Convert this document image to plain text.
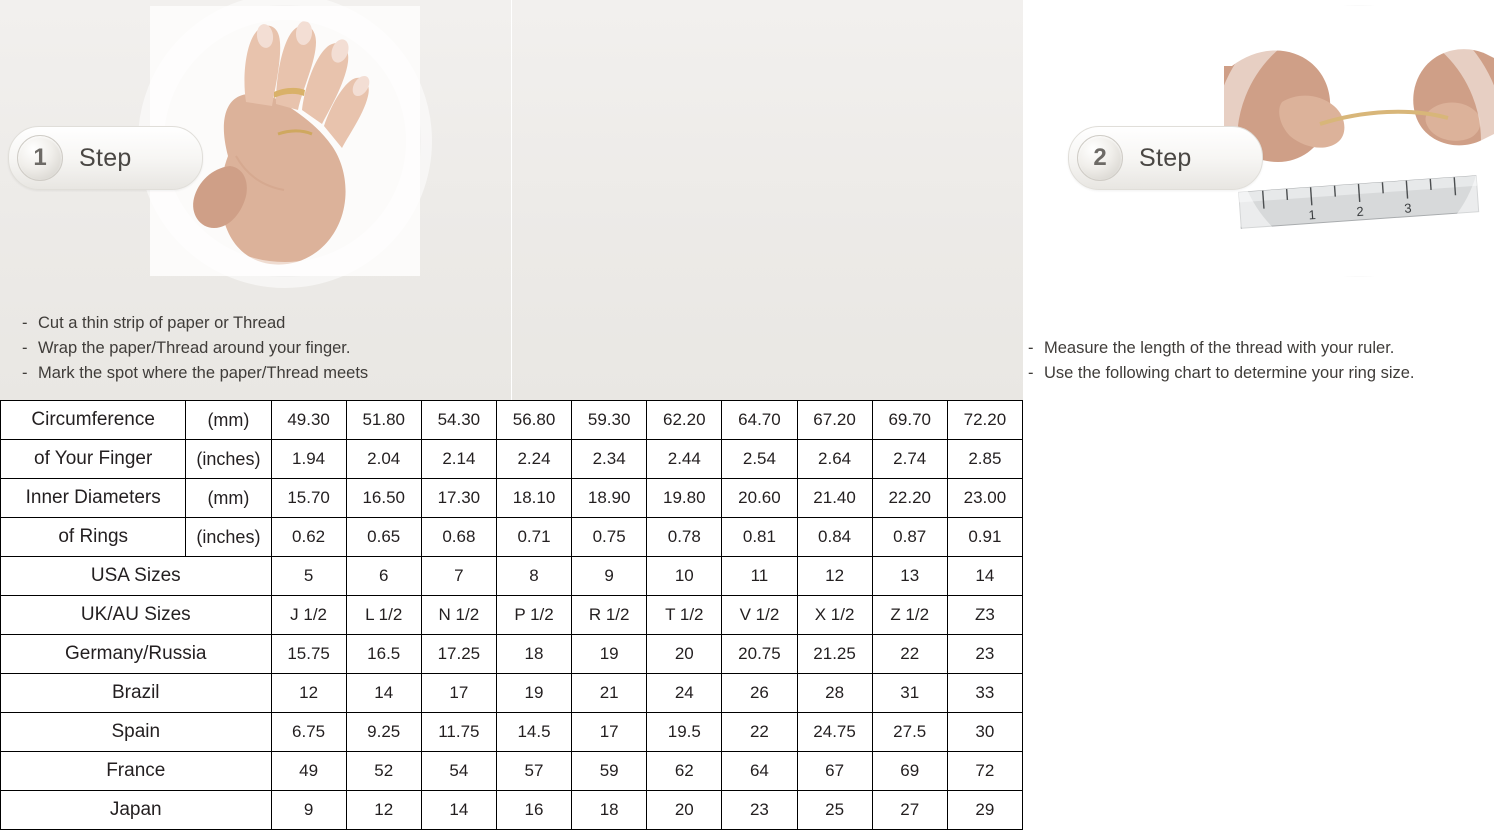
1	Step
- Cut a thin strip of paper or Thread
- Wrap the paper/Thread around your finger.
- Mark the spot where the paper/Thread meets
1	2	3
2	Step
- Measure the length of the thread with your ruler.
- Use the following chart to determine your ring size.
Circumference	(mm)	49.30	51.80	54.30	56.80	59.30	62.20	64.70	67.20	69.70	72.20
of Your Finger	(inches)	1.94	2.04	2.14	2.24	2.34	2.44	2.54	2.64	2.74	2.85
Inner Diameters	(mm)	15.70	16.50	17.30	18.10	18.90	19.80	20.60	21.40	22.20	23.00
of Rings	(inches)	0.62	0.65	0.68	0.71	0.75	0.78	0.81	0.84	0.87	0.91
USA Sizes		5	6	7	8	9	10	11	12	13	14
UK/AU Sizes		J 1/2	L 1/2	N 1/2	P 1/2	R 1/2	T 1/2	V 1/2	X 1/2	Z 1/2	Z3
Germany/Russia		15.75	16.5	17.25	18	19	20	20.75	21.25	22	23
Brazil		12	14	17	19	21	24	26	28	31	33
Spain		6.75	9.25	11.75	14.5	17	19.5	22	24.75	27.5	30
France		49	52	54	57	59	62	64	67	69	72
Japan		9	12	14	16	18	20	23	25	27	29
